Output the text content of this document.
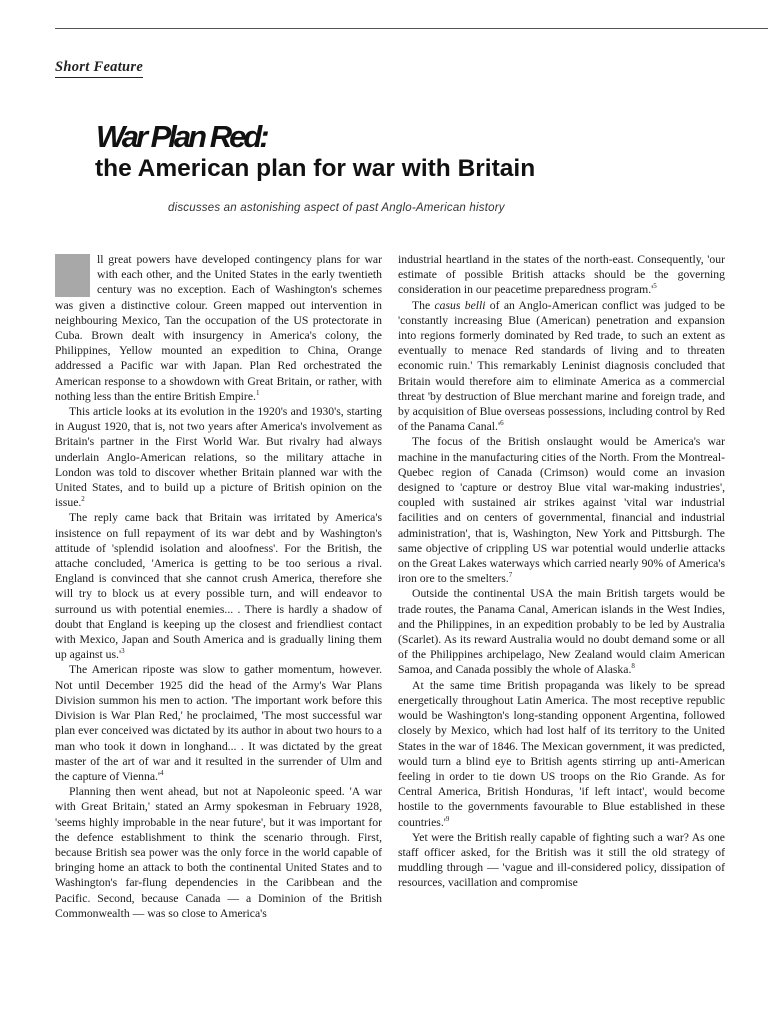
Short Feature
War Plan Red:
the American plan for war with Britain

discusses an astonishing aspect of past Anglo-American history

ll great powers have developed contingency plans for war with each other, and the United States in the early twentieth century was no exception. Each of Washington's schemes was given a distinctive colour. Green mapped out intervention in neighbouring Mexico, Tan the occupation of the US protectorate in Cuba. Brown dealt with insurgency in America's colony, the Philippines, Yellow mounted an expedition to China, Orange addressed a Pacific war with Japan. Plan Red orchestrated the American response to a showdown with Great Britain, or rather, with nothing less than the entire British Empire.$^1$

This article looks at its evolution in the 1920's and 1930's, starting in August 1920, that is, not two years after America's involvement as Britain's partner in the First World War. But rivalry had always underlain Anglo-American relations, so the military attache in London was told to discover whether Britain planned war with the United States, and to build up a picture of British opinion on the issue.$^2$

The reply came back that Britain was irritated by America's insistence on full repayment of its war debt and by Washington's attitude of 'splendid isolation and aloofness'. For the British, the attache concluded, 'America is getting to be too serious a rival. England is convinced that she cannot crush America, therefore she will try to block us at every possible turn, and will endeavor to surround us with potential enemies... . There is hardly a shadow of doubt that England is keeping up the closest and friendliest contact with Mexico, Japan and South America and is gradually lining them up against us.'$^3$

The American riposte was slow to gather momentum, however. Not until December 1925 did the head of the Army's War Plans Division summon his men to action. 'The important work before this Division is War Plan Red,' he proclaimed, 'The most successful war plan ever conceived was dictated by its author in about two hours to a man who took it down in longhand... . It was dictated by the great master of the art of war and it resulted in the surrender of Ulm and the capture of Vienna.'$^4$

Planning then went ahead, but not at Napoleonic speed. 'A war with Great Britain,' stated an Army spokesman in February 1928, 'seems highly improbable in the near future', but it was important for the defence establishment to think the scenario through. First, because British sea power was the only force in the world capable of bringing home an attack to both the continental United States and to Washington's far-flung dependencies in the Caribbean and the Pacific. Second, because Canada — a Dominion of the British Commonwealth — was so close to America's

industrial heartland in the states of the north-east. Consequently, 'our estimate of possible British attacks should be the governing consideration in our peacetime preparedness program.'$^5$

The casus belli of an Anglo-American conflict was judged to be 'constantly increasing Blue (American) penetration and expansion into regions formerly dominated by Red trade, to such an extent as eventually to menace Red standards of living and to threaten economic ruin.' This remarkably Leninist diagnosis concluded that Britain would therefore aim to eliminate America as a commercial threat 'by destruction of Blue merchant marine and foreign trade, and by acquisition of Blue overseas possessions, including control by Red of the Panama Canal.'$^6$

The focus of the British onslaught would be America's war machine in the manufacturing cities of the North. From the Montreal-Quebec region of Canada (Crimson) would come an invasion designed to 'capture or destroy Blue vital war-making industries', coupled with sustained air strikes against 'vital war industrial facilities and on centers of governmental, financial and industrial administration', that is, Washington, New York and Pittsburgh. The same objective of crippling US war potential would underlie attacks on the Great Lakes waterways which carried nearly 90% of America's iron ore to the smelters.$^7$

Outside the continental USA the main British targets would be trade routes, the Panama Canal, American islands in the West Indies, and the Philippines, in an expedition probably to be led by Australia (Scarlet). As its reward Australia would no doubt demand some or all of the Philippines archipelago, New Zealand would claim American Samoa, and Canada possibly the whole of Alaska.$^8$

At the same time British propaganda was likely to be spread energetically throughout Latin America. The most receptive republic would be Washington's long-standing opponent Argentina, followed closely by Mexico, which had lost half of its territory to the United States in the war of 1846. The Mexican government, it was predicted, would turn a blind eye to British agents stirring up anti-American feeling in order to tie down US troops on the Rio Grande. As for Central America, British Honduras, 'if left intact', would become hostile to the governments favourable to Blue established in these countries.'$^9$

Yet were the British really capable of fighting such a war? As one staff officer asked, for the British was it still the old strategy of muddling through — 'vague and ill-considered policy, dissipation of resources, vacillation and compromise
